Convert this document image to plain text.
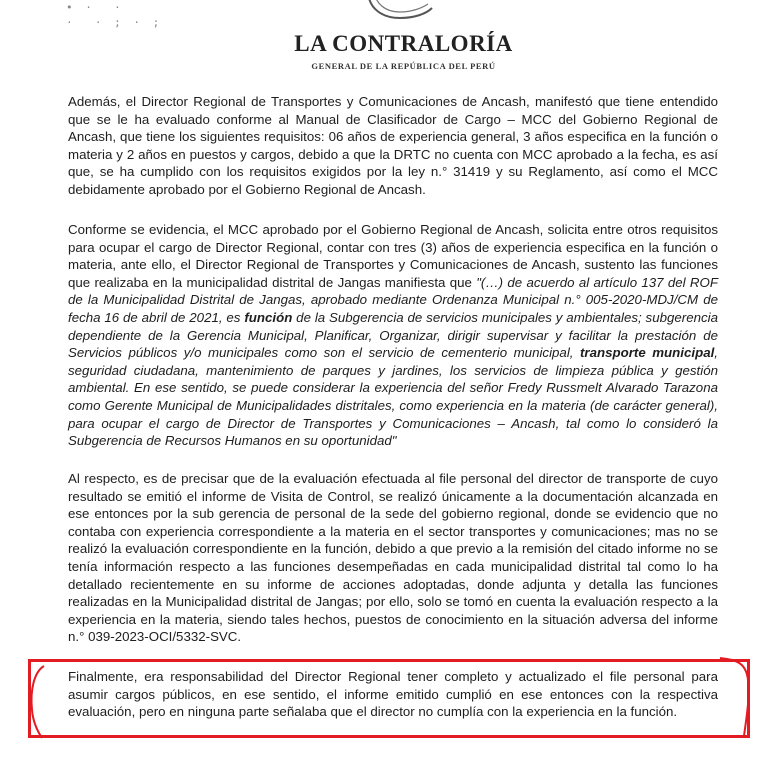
• ·  ·
·  · ; · ;
LA CONTRALORÍA
GENERAL DE LA REPÚBLICA DEL PERÚ

Además, el Director Regional de Transportes y Comunicaciones de Ancash, manifestó que tiene entendido que se le ha evaluado conforme al Manual de Clasificador de Cargo – MCC del Gobierno Regional de Ancash, que tiene los siguientes requisitos: 06 años de experiencia general, 3 años especifica en la función o materia y 2 años en puestos y cargos, debido a que la DRTC no cuenta con MCC aprobado a la fecha, es así que, se ha cumplido con los requisitos exigidos por la ley n.° 31419 y su Reglamento, así como el MCC debidamente aprobado por el Gobierno Regional de Ancash.

Conforme se evidencia, el MCC aprobado por el Gobierno Regional de Ancash, solicita entre otros requisitos para ocupar el cargo de Director Regional, contar con tres (3) años de experiencia especifica en la función o materia, ante ello, el Director Regional de Transportes y Comunicaciones de Ancash, sustento las funciones que realizaba en la municipalidad distrital de Jangas manifiesta que "(…) de acuerdo al artículo 137 del ROF de la Municipalidad Distrital de Jangas, aprobado mediante Ordenanza Municipal n.° 005-2020-MDJ/CM de fecha 16 de abril de 2021, es función de la Subgerencia de servicios municipales y ambientales; subgerencia dependiente de la Gerencia Municipal, Planificar, Organizar, dirigir supervisar y facilitar la prestación de Servicios públicos y/o municipales como son el servicio de cementerio municipal, transporte municipal, seguridad ciudadana, mantenimiento de parques y jardines, los servicios de limpieza pública y gestión ambiental. En ese sentido, se puede considerar la experiencia del señor Fredy Russmelt Alvarado Tarazona como Gerente Municipal de Municipalidades distritales, como experiencia en la materia (de carácter general), para ocupar el cargo de Director de Transportes y Comunicaciones – Ancash, tal como lo consideró la Subgerencia de Recursos Humanos en su oportunidad"

Al respecto, es de precisar que de la evaluación efectuada al file personal del director de transporte de cuyo resultado se emitió el informe de Visita de Control, se realizó únicamente a la documentación alcanzada en ese entonces por la sub gerencia de personal de la sede del gobierno regional, donde se evidencio que no contaba con experiencia correspondiente a la materia en el sector transportes y comunicaciones; mas no se realizó la evaluación correspondiente en la función, debido a que previo a la remisión del citado informe no se tenía información respecto a las funciones desempeñadas en cada municipalidad distrital tal como lo ha detallado recientemente en su informe de acciones adoptadas, donde adjunta y detalla las funciones realizadas en la Municipalidad distrital de Jangas; por ello, solo se tomó en cuenta la evaluación respecto a la experiencia en la materia, siendo tales hechos, puestos de conocimiento en la situación adversa del informe n.° 039-2023-OCI/5332-SVC.

Finalmente, era responsabilidad del Director Regional tener completo y actualizado el file personal para asumir cargos públicos, en ese sentido, el informe emitido cumplió en ese entonces con la respectiva evaluación, pero en ninguna parte señalaba que el director no cumplía con la experiencia en la función.
